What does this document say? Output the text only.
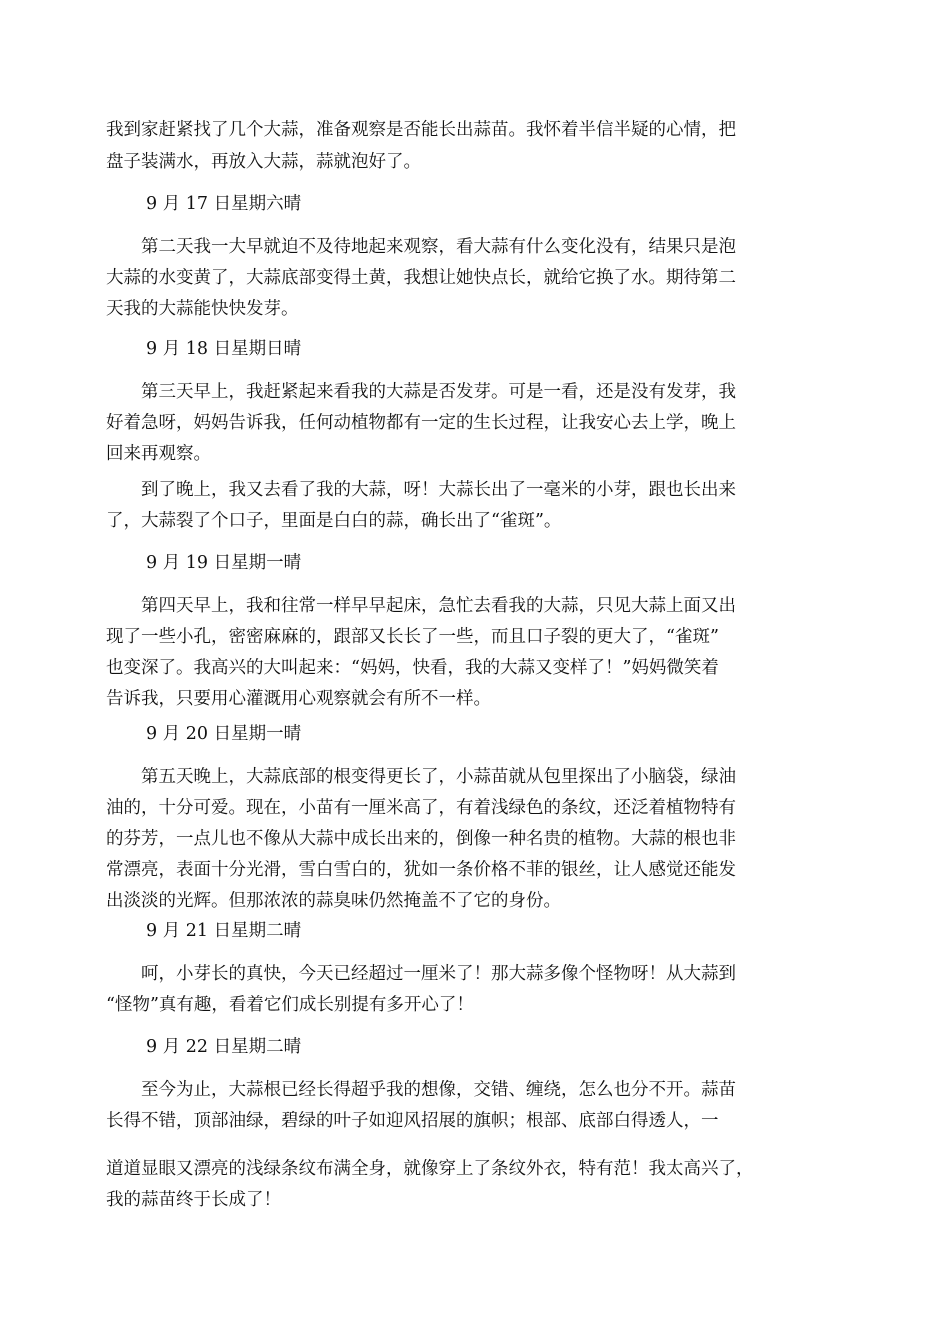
我到家赶紧找了几个大蒜，准备观察是否能长出蒜苗。我怀着半信半疑的心情，把
盘子装满水，再放入大蒜，蒜就泡好了。
9 月 17 日星期六晴
　　第二天我一大早就迫不及待地起来观察，看大蒜有什么变化没有，结果只是泡
大蒜的水变黄了，大蒜底部变得土黄，我想让她快点长，就给它换了水。期待第二
天我的大蒜能快快发芽。
9 月 18 日星期日晴
　　第三天早上，我赶紧起来看我的大蒜是否发芽。可是一看，还是没有发芽，我
好着急呀，妈妈告诉我，任何动植物都有一定的生长过程，让我安心去上学，晚上
回来再观察。
　　到了晚上，我又去看了我的大蒜，呀！大蒜长出了一毫米的小芽，跟也长出来
了，大蒜裂了个口子，里面是白白的蒜，确长出了“雀斑”。
9 月 19 日星期一晴
　　第四天早上，我和往常一样早早起床，急忙去看我的大蒜，只见大蒜上面又出
现了一些小孔，密密麻麻的，跟部又长长了一些，而且口子裂的更大了，“雀斑”
也变深了。我高兴的大叫起来：“妈妈，快看，我的大蒜又变样了！”妈妈微笑着
告诉我，只要用心灌溉用心观察就会有所不一样。
9 月 20 日星期一晴
　　第五天晚上，大蒜底部的根变得更长了，小蒜苗就从包里探出了小脑袋，绿油
油的，十分可爱。现在，小苗有一厘米高了，有着浅绿色的条纹，还泛着植物特有
的芬芳，一点儿也不像从大蒜中成长出来的，倒像一种名贵的植物。大蒜的根也非
常漂亮，表面十分光滑，雪白雪白的，犹如一条价格不菲的银丝，让人感觉还能发
出淡淡的光辉。但那浓浓的蒜臭味仍然掩盖不了它的身份。
9 月 21 日星期二晴
　　呵，小芽长的真快，今天已经超过一厘米了！那大蒜多像个怪物呀！从大蒜到
“怪物”真有趣，看着它们成长别提有多开心了！
9 月 22 日星期二晴
　　至今为止，大蒜根已经长得超乎我的想像，交错、缠绕，怎么也分不开。蒜苗
长得不错，顶部油绿，碧绿的叶子如迎风招展的旗帜；根部、底部白得透人，一
道道显眼又漂亮的浅绿条纹布满全身，就像穿上了条纹外衣，特有范！我太高兴了，
我的蒜苗终于长成了！
